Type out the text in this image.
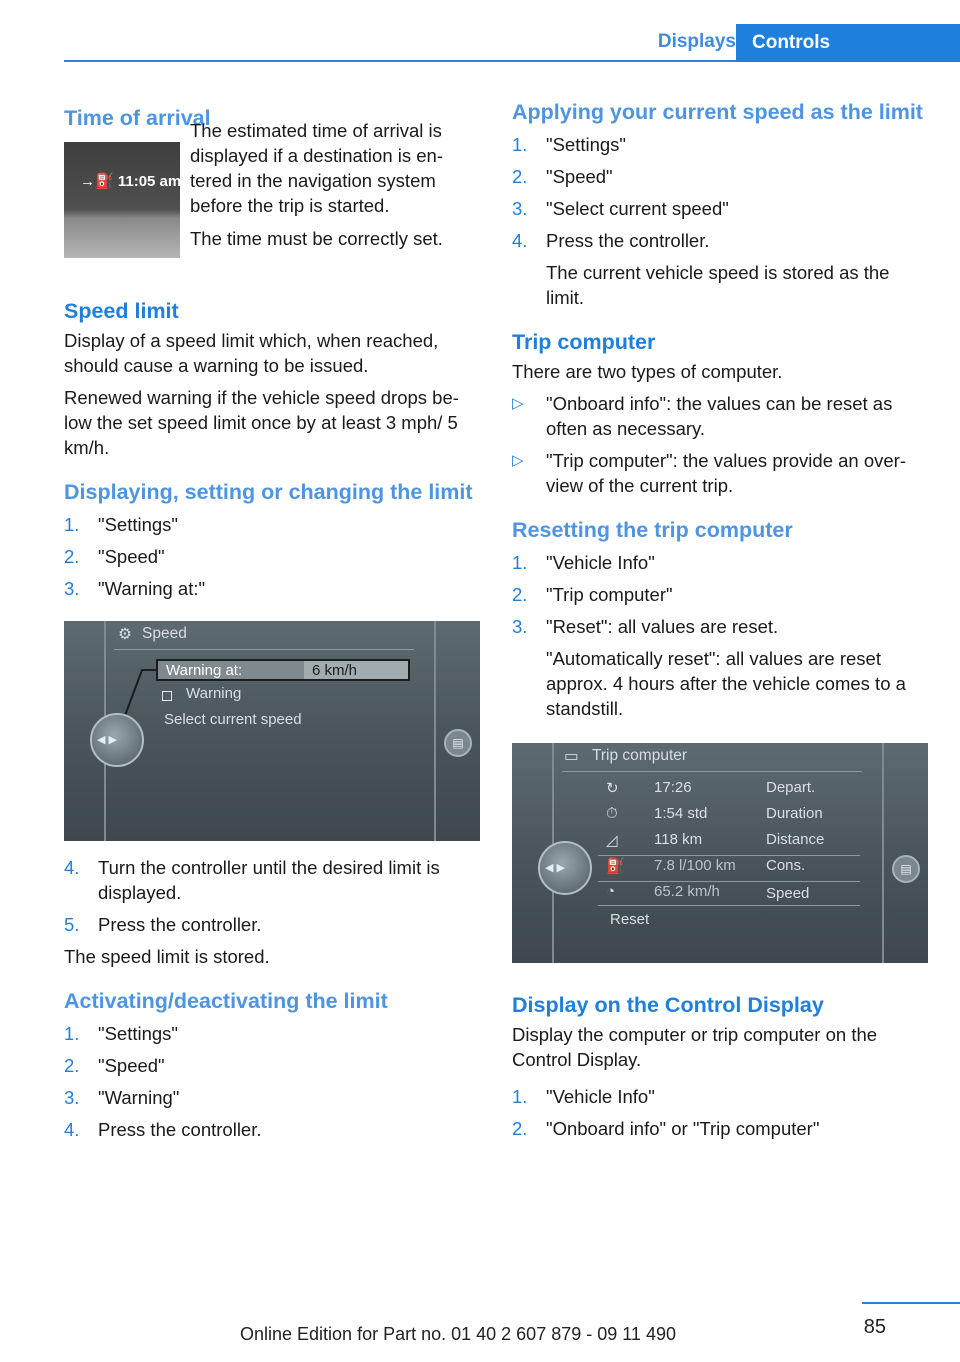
Displays Controls
Time of arrival
→⛽ 11:05 am

The estimated time of arrival is displayed if a destination is en-tered in the navigation system before the trip is started.

The time must be correctly set.

Speed limit

Display of a speed limit which, when reached, should cause a warning to be issued.

Renewed warning if the vehicle speed drops be-low the set speed limit once by at least 3 mph/ 5 km/h.

Displaying, setting or changing the limit
1. "Settings"
2. "Speed"
3. "Warning at:"
⚙ Speed
Warning at:	6 km/h
Warning
Select current speed
◀ ▶	▤
4. Turn the controller until the desired limit is displayed.
5. Press the controller.

The speed limit is stored.

Activating/deactivating the limit
1. "Settings"
2. "Speed"
3. "Warning"
4. Press the controller.
Applying your current speed as the limit
1. "Settings"
2. "Speed"
3. "Select current speed"
4. Press the controller.
The current vehicle speed is stored as the limit.
Trip computer

There are two types of computer.

▷ "Onboard info": the values can be reset as often as necessary.
▷ "Trip computer": the values provide an over-view of the current trip.
Resetting the trip computer
1. "Vehicle Info"
2. "Trip computer"
3. "Reset": all values are reset.
"Automatically reset": all values are reset approx. 4 hours after the vehicle comes to a standstill.
▭ Trip computer
↻ 17:26	Depart.
⏱ 1:54 std	Duration
◿ 118 km	Distance
⛽ 7.8 l/100 km Cons.
◔	65.2 km/h	Speed
Reset
◀ ▶	▤
Display on the Control Display

Display the computer or trip computer on the Control Display.

1. "Vehicle Info"
2. "Onboard info" or "Trip computer"
85
Online Edition for Part no. 01 40 2 607 879 - 09 11 490
